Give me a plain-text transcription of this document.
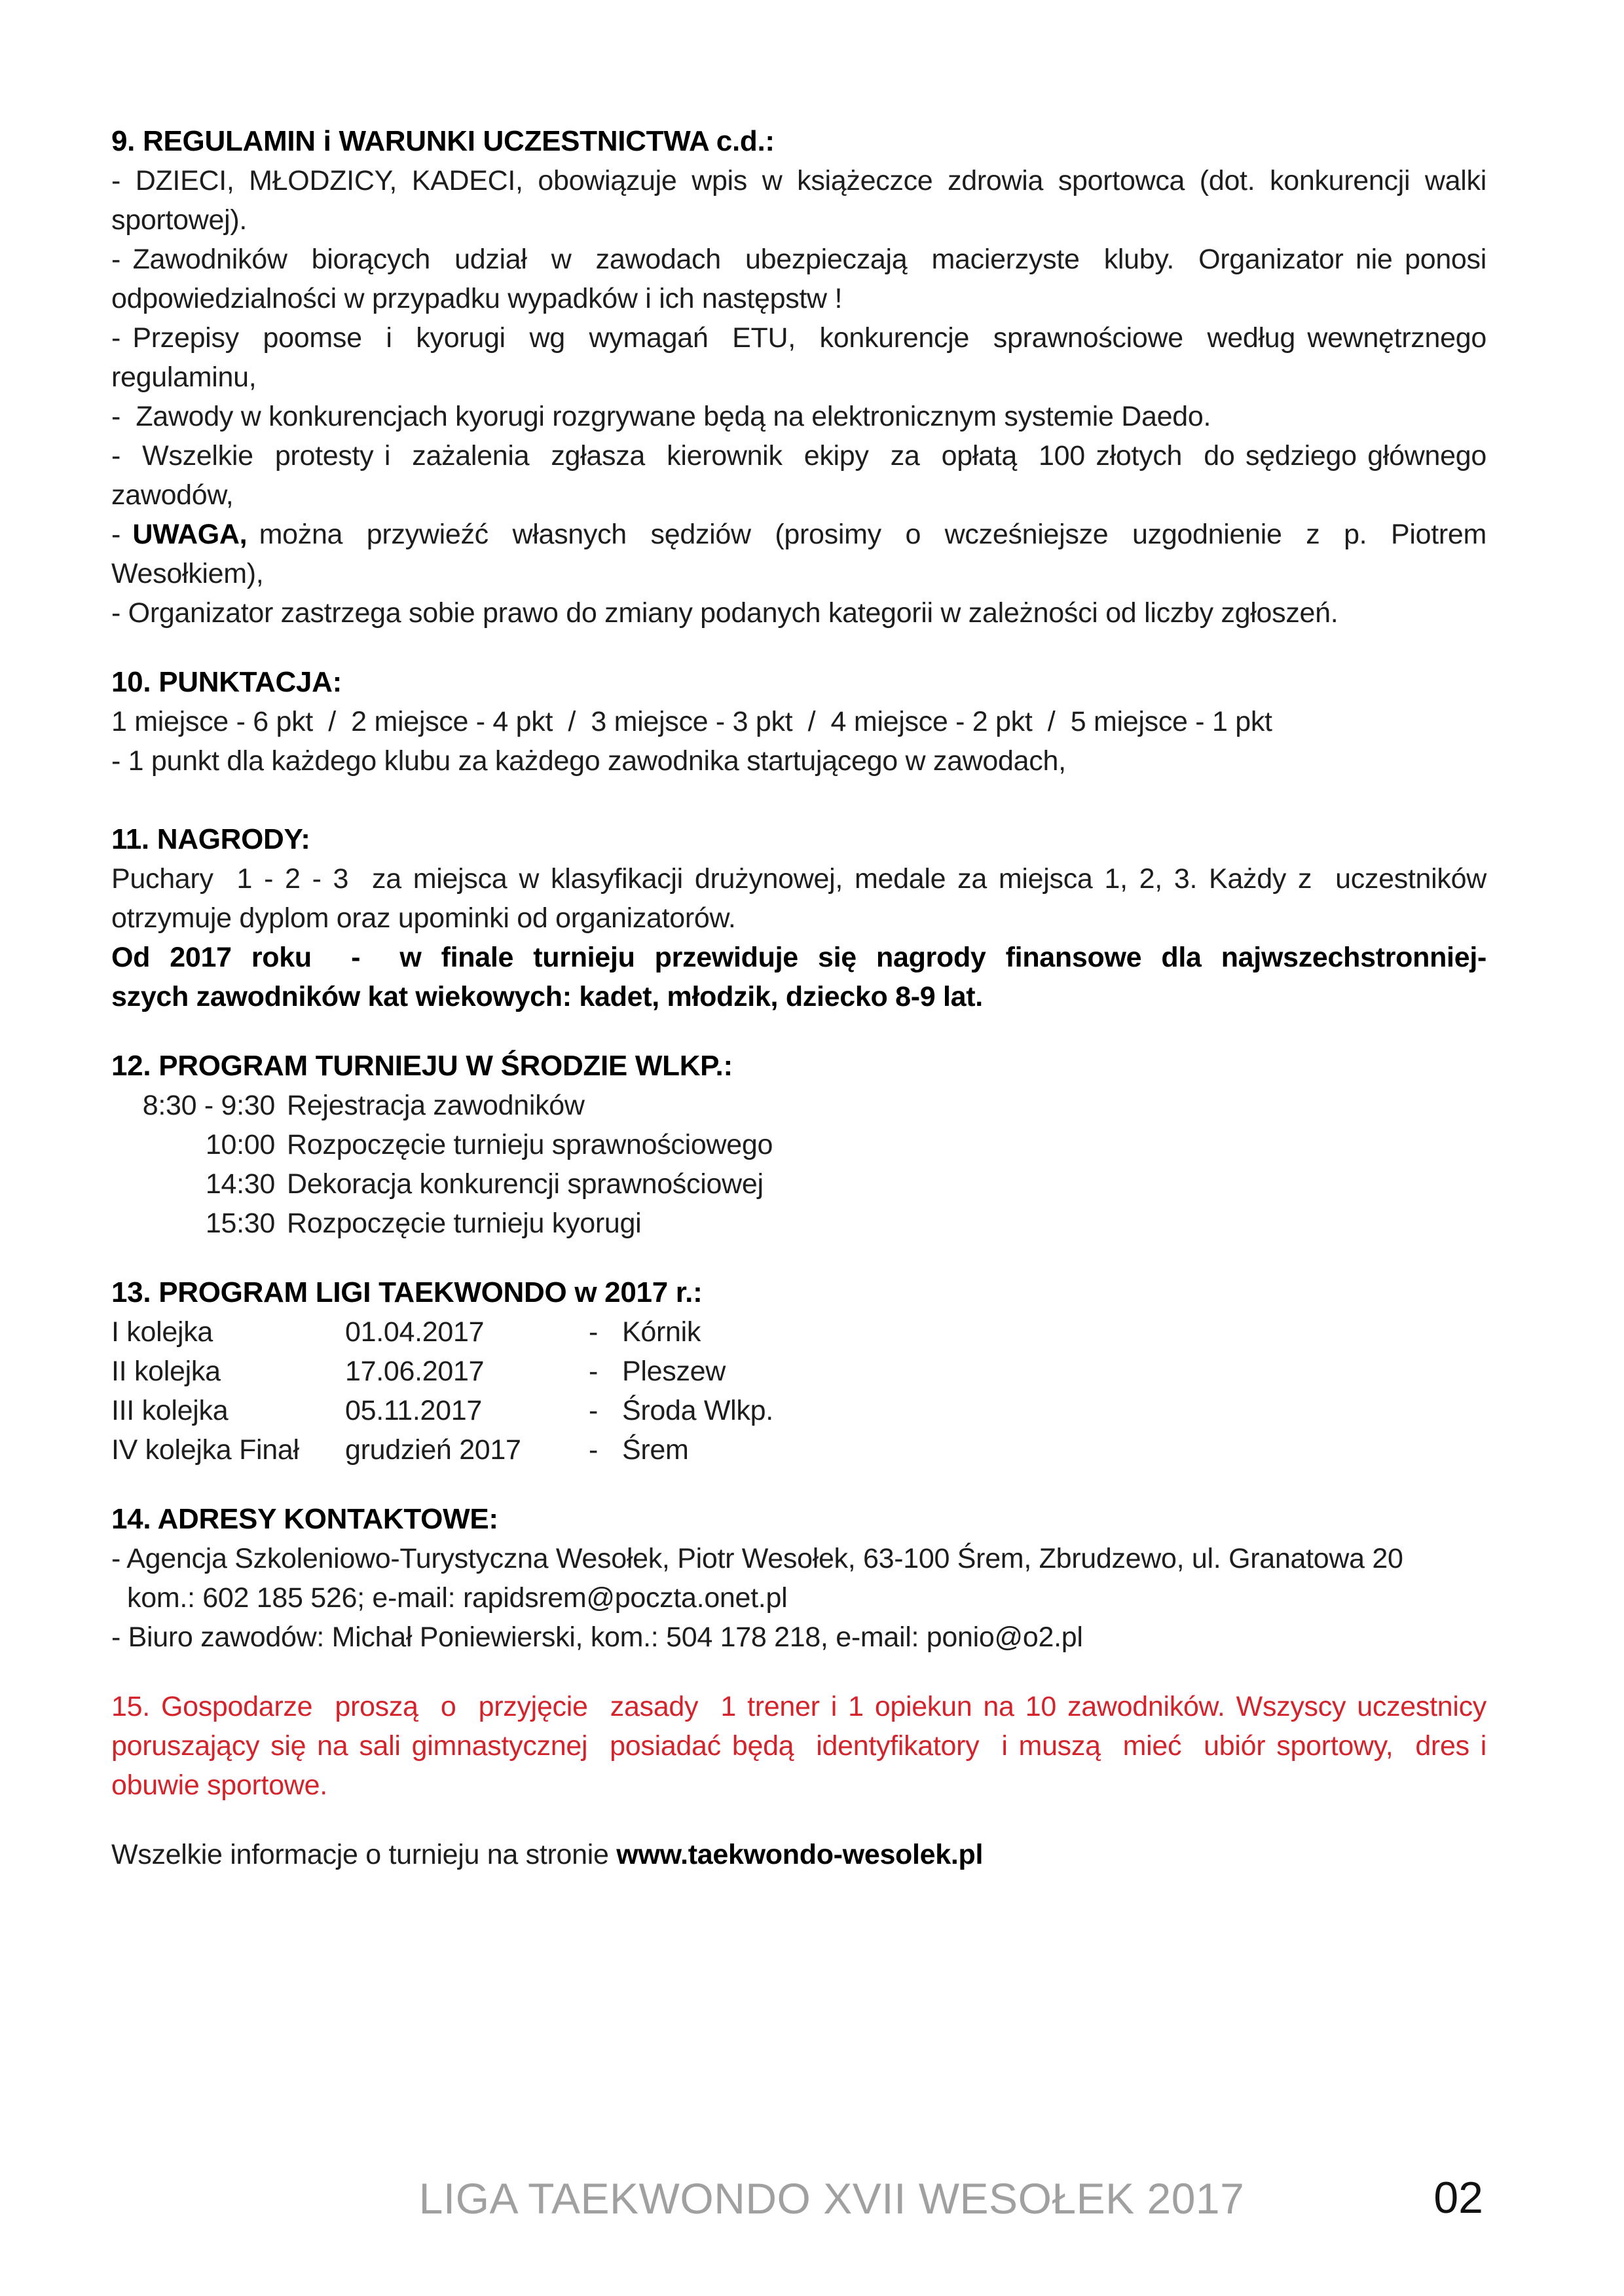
9. REGULAMIN i WARUNKI UCZESTNICTWA c.d.:

- DZIECI, MŁODZICY, KADECI, obowiązuje wpis w książeczce zdrowia sportowca (dot. konkurencji walki sportowej).

- Zawodników  biorących  udział  w  zawodach  ubezpieczają  macierzyste  kluby.  Organizator nie ponosi odpowiedzialności w przypadku wypadków i ich następstw !

- Przepisy  poomse  i  kyorugi  wg  wymagań  ETU,  konkurencje  sprawnościowe  według wewnętrznego regulaminu,

-  Zawody w konkurencjach kyorugi rozgrywane będą na elektronicznym systemie Daedo.

-  Wszelkie  protesty i  zażalenia  zgłasza  kierownik  ekipy  za  opłatą  100 złotych  do sędziego głównego zawodów,

- UWAGA, można  przywieźć  własnych  sędziów  (prosimy  o  wcześniejsze  uzgodnienie  z  p.  Piotrem Wesołkiem),

- Organizator zastrzega sobie prawo do zmiany podanych kategorii w zależności od liczby zgłoszeń.

10. PUNKTACJA:

1 miejsce - 6 pkt  /  2 miejsce - 4 pkt  /  3 miejsce - 3 pkt  /  4 miejsce - 2 pkt  /  5 miejsce - 1 pkt

- 1 punkt dla każdego klubu za każdego zawodnika startującego w zawodach,

11. NAGRODY:

Puchary  1 - 2 - 3  za miejsca w klasyfikacji drużynowej, medale za miejsca 1, 2, 3. Każdy z  uczestników otrzymuje dyplom oraz upominki od organizatorów.

Od 2017 roku  -  w finale turnieju przewiduje się nagrody finansowe dla najwszechstronniej-
szych zawodników kat wiekowych: kadet, młodzik, dziecko 8-9 lat.
12. PROGRAM TURNIEJU W ŚRODZIE WLKP.:
8:30 - 9:30 Rejestracja zawodników
10:00 Rozpoczęcie turnieju sprawnościowego
14:30 Dekoracja konkurencji sprawnościowej
15:30 Rozpoczęcie turnieju kyorugi
13. PROGRAM LIGI TAEKWONDO w 2017 r.:
I kolejka	01.04.2017	- Kórnik
II kolejka	17.06.2017	- Pleszew
III kolejka	05.11.2017	- Środa Wlkp.
IV kolejka Finał	grudzień 2017	- Śrem
14. ADRESY KONTAKTOWE:

- Agencja Szkoleniowo-Turystyczna Wesołek, Piotr Wesołek, 63-100 Śrem, Zbrudzewo, ul. Granatowa 20

kom.: 602 185 526; e-mail: rapidsrem@poczta.onet.pl

- Biuro zawodów: Michał Poniewierski, kom.: 504 178 218, e-mail: ponio@o2.pl

15. Gospodarze  proszą  o  przyjęcie  zasady  1 trener i 1 opiekun na 10 zawodników. Wszyscy uczestnicy poruszający się na sali gimnastycznej  posiadać będą  identyfikatory  i muszą  mieć  ubiór sportowy,  dres i obuwie sportowe.

Wszelkie informacje o turnieju na stronie www.taekwondo-wesolek.pl

LIGA TAEKWONDO XVII WESOŁEK 2017	02
